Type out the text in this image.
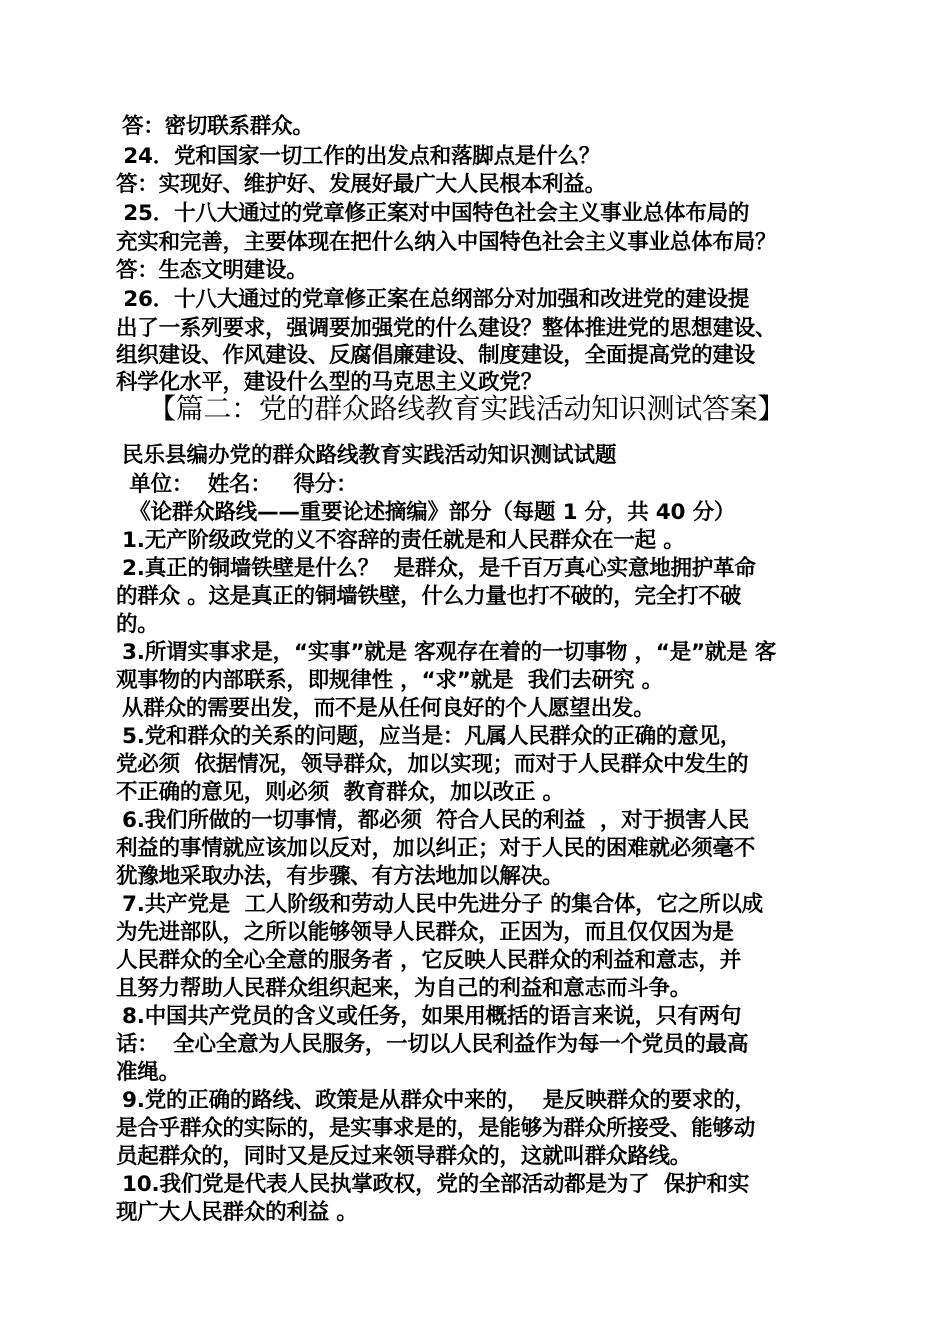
答：密切联系群众。
24．党和国家一切工作的出发点和落脚点是什么？
答：实现好、维护好、发展好最广大人民根本利益。
25．十八大通过的党章修正案对中国特色社会主义事业总体布局的
充实和完善，主要体现在把什么纳入中国特色社会主义事业总体布局？
答：生态文明建设。
26．十八大通过的党章修正案在总纲部分对加强和改进党的建设提
出了一系列要求，强调要加强党的什么建设？整体推进党的思想建设、
组织建设、作风建设、反腐倡廉建设、制度建设，全面提高党的建设
科学化水平，建设什么型的马克思主义政党？
【篇二：党的群众路线教育实践活动知识测试答案】
民乐县编办党的群众路线教育实践活动知识测试试题
单位：  姓名：   得分：
《论群众路线——重要论述摘编》部分（每题 1 分，共 40 分）
1.无产阶级政党的义不容辞的责任就是和人民群众在一起 。
2.真正的铜墙铁壁是什么？  是群众，是千百万真心实意地拥护革命
的群众 。这是真正的铜墙铁壁，什么力量也打不破的，完全打不破
的。
3.所谓实事求是，“实事”就是 客观存在着的一切事物 ，“是”就是 客
观事物的内部联系，即规律性 ，“求”就是  我们去研究 。
从群众的需要出发，而不是从任何良好的个人愿望出发。
5.党和群众的关系的问题，应当是：凡属人民群众的正确的意见，
党必须  依据情况，领导群众，加以实现；而对于人民群众中发生的
不正确的意见，则必须  教育群众，加以改正 。
6.我们所做的一切事情，都必须  符合人民的利益  ，对于损害人民
利益的事情就应该加以反对，加以纠正；对于人民的困难就必须毫不
犹豫地采取办法，有步骤、有方法地加以解决。
7.共产党是  工人阶级和劳动人民中先进分子 的集合体，它之所以成
为先进部队，之所以能够领导人民群众，正因为，而且仅仅因为是
人民群众的全心全意的服务者 ，它反映人民群众的利益和意志，并
且努力帮助人民群众组织起来，为自己的利益和意志而斗争。
8.中国共产党员的含义或任务，如果用概括的语言来说，只有两句
话：  全心全意为人民服务，一切以人民利益作为每一个党员的最高
准绳。
9.党的正确的路线、政策是从群众中来的，  是反映群众的要求的，
是合乎群众的实际的，是实事求是的，是能够为群众所接受、能够动
员起群众的，同时又是反过来领导群众的，这就叫群众路线。
10.我们党是代表人民执掌政权，党的全部活动都是为了  保护和实
现广大人民群众的利益 。
